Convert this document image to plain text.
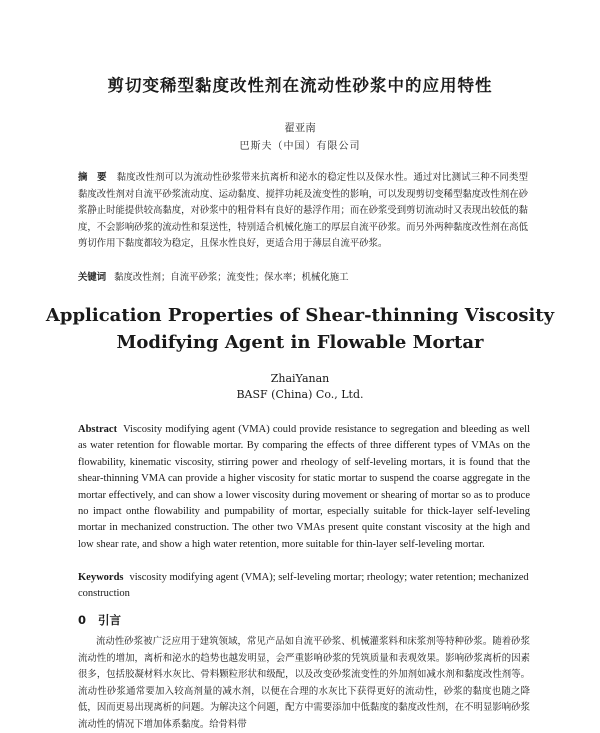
剪切变稀型黏度改性剂在流动性砂浆中的应用特性
翟亚南
巴斯夫（中国）有限公司
摘　要 黏度改性剂可以为流动性砂浆带来抗离析和泌水的稳定性以及保水性。通过对比测试三种不同类型黏度改性剂对自流平砂浆流动度、运动黏度、搅拌功耗及流变性的影响，可以发现剪切变稀型黏度改性剂在砂浆静止时能提供较高黏度，对砂浆中的粗骨料有良好的悬浮作用；而在砂浆受到剪切流动时又表现出较低的黏度，不会影响砂浆的流动性和泵送性，特别适合机械化施工的厚层自流平砂浆。而另外两种黏度改性剂在高低剪切作用下黏度都较为稳定，且保水性良好，更适合用于薄层自流平砂浆。
关键词 黏度改性剂；自流平砂浆；流变性；保水率；机械化施工
Application Properties of Shear-thinning Viscosity
Modifying Agent in Flowable Mortar
ZhaiYanan
BASF (China) Co., Ltd.
Abstract Viscosity modifying agent (VMA) could provide resistance to segregation and bleeding as well as water retention for flowable mortar. By comparing the effects of three different types of VMAs on the flowability, kinematic viscosity, stirring power and rheology of self-leveling mortars, it is found that the shear-thinning VMA can provide a higher viscosity for static mortar to suspend the coarse aggregate in the mortar effectively, and can show a lower viscosity during movement or shearing of mortar so as to produce no impact onthe flowability and pumpability of mortar, especially suitable for thick-layer self-leveling mortar in mechanized construction. The other two VMAs present quite constant viscosity at the high and low shear rate, and show a high water retention, more suitable for thin-layer self-leveling mortar.
Keywords viscosity modifying agent (VMA); self-leveling mortar; rheology; water retention; mechanized construction
0 引言
流动性砂浆被广泛应用于建筑领域，常见产品如自流平砂浆、机械灌浆料和床浆剂等特种砂浆。随着砂浆流动性的增加，离析和泌水的趋势也越发明显，会严重影响砂浆的凭筑质量和表观效果。影响砂浆离析的因素很多，包括胶凝材料水灰比、骨料颗粒形状和级配，以及改变砂浆流变性的外加剂如减水剂和黏度改性剂等。流动性砂浆通常要加入较高剂量的减水剂，以便在合理的水灰比下获得更好的流动性，砂浆的黏度也随之降低，因而更易出现离析的问题。为解决这个问题，配方中需要添加中低黏度的黏度改性剂，在不明显影响砂浆流动性的情况下增加体系黏度。给骨料带
